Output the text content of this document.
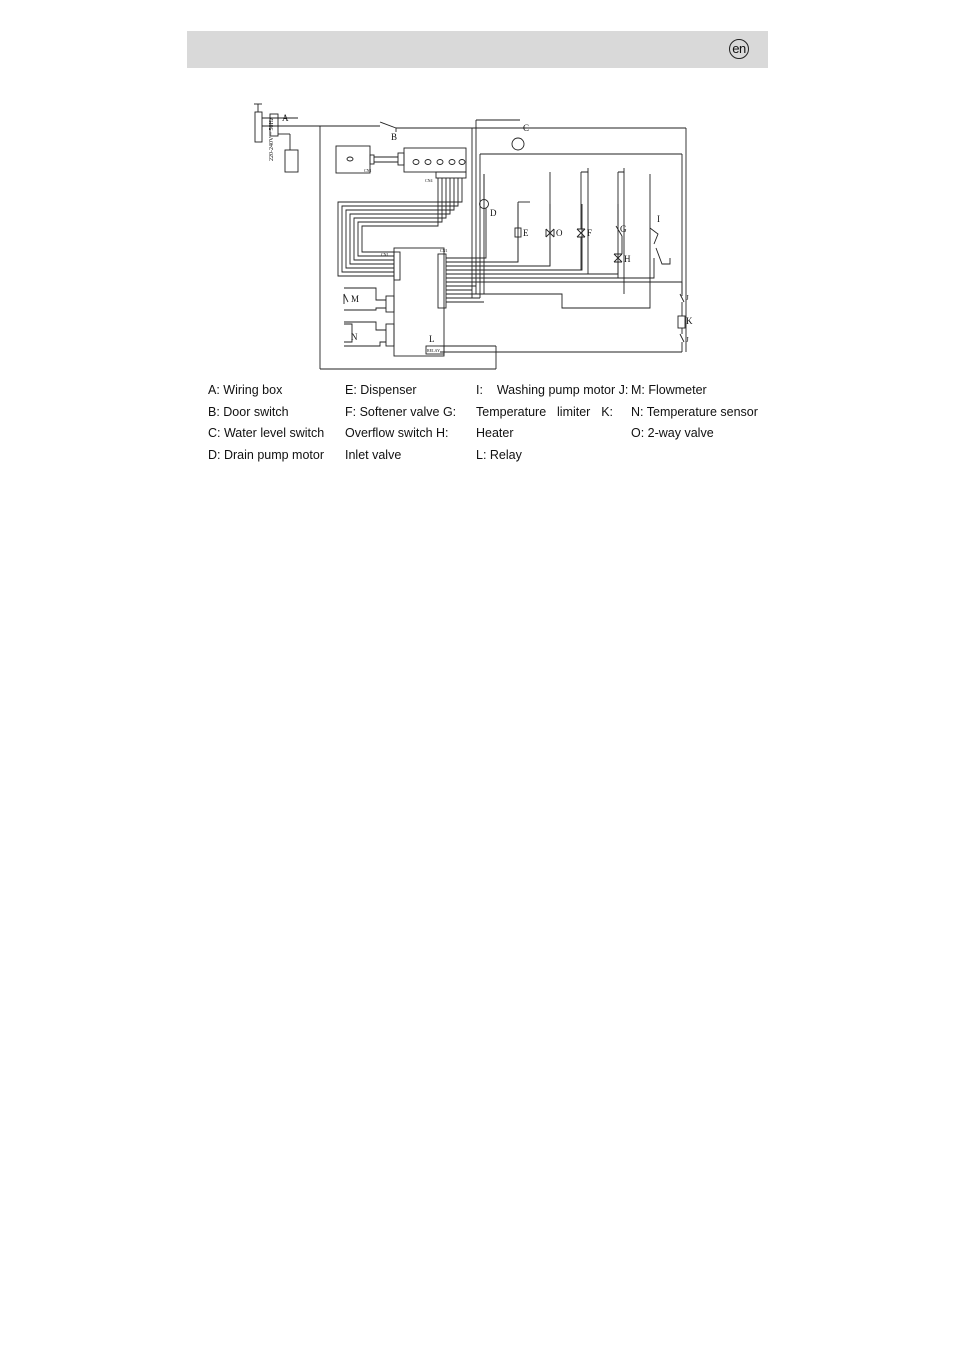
en
220-240V ~ 50Hz
CN1
CN4
CN1
CN1
RELAY
A
B
C
D
E	O	F	G
H
I
J
K
J
L
M
N
A: Wiring box
B: Door switch
C: Water level switch
D: Drain pump motor
E: Dispenser
F: Softener valve G:
Overflow switch H:
Inlet valve
I:    Washing pump motor J:
Temperature limiter K:
Heater
L: Relay
M: Flowmeter
N: Temperature sensor
O: 2-way valve
